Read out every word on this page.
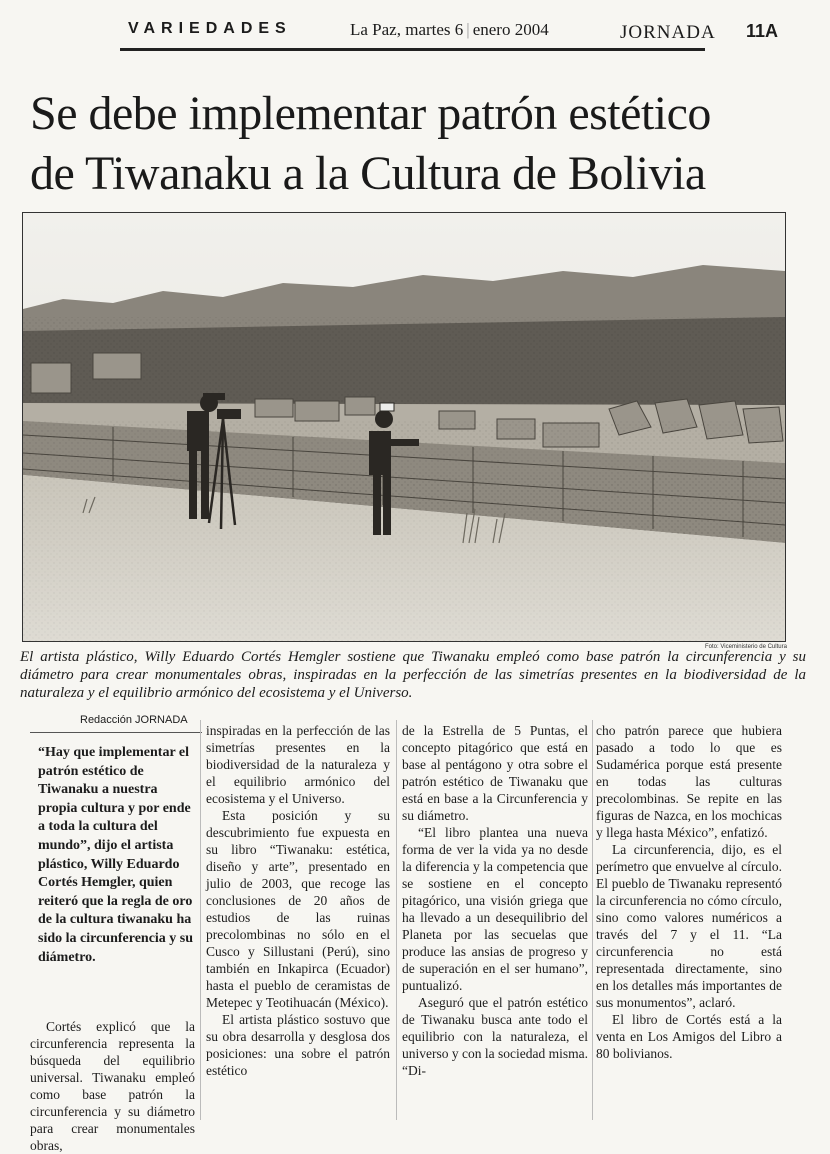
VARIEDADES	La Paz, martes 6 | enero 2004	JORNADA 11A
Se debe implementar patrón estético
de Tiwanaku a la Cultura de Bolivia
Foto: Viceministerio de Cultura
El artista plástico, Willy Eduardo Cortés Hemgler sostiene que Tiwanaku empleó como base patrón la circunferencia y su diámetro para crear monumentales obras, inspiradas en la perfección de las simetrías presentes en la biodiversidad de la naturaleza y el equilibrio armónico del ecosistema y el Universo.
Redacción JORNADA
“Hay que implementar el patrón estético de Tiwanaku a nuestra propia cultura y por ende a toda la cultura del mundo”, dijo el artista plástico, Willy Eduardo Cortés Hemgler, quien reiteró que la regla de oro de la cultura tiwanaku ha sido la circunferencia y su diámetro.

Cortés explicó que la circunferencia representa la búsqueda del equilibrio universal. Tiwanaku empleó como base patrón la circunferencia y su diámetro para crear monumentales obras,

inspiradas en la perfección de las simetrías presentes en la biodiversidad de la naturaleza y el equilibrio armónico del ecosistema y el Universo.

Esta posición y su descubrimiento fue expuesta en su libro “Tiwanaku: estética, diseño y arte”, presentado en julio de 2003, que recoge las conclusiones de 20 años de estudios de las ruinas precolombinas no sólo en el Cusco y Sillustani (Perú), sino también en Inkapirca (Ecuador) hasta el pueblo de ceramistas de Metepec y Teotihuacán (México).

El artista plástico sostuvo que su obra desarrolla y desglosa dos posiciones: una sobre el patrón estético

de la Estrella de 5 Puntas, el concepto pitagórico que está en base al pentágono y otra sobre el patrón estético de Tiwanaku que está en base a la Circunferencia y su diámetro.

“El libro plantea una nueva forma de ver la vida ya no desde la diferencia y la competencia que se sostiene en el concepto pitagórico, una visión griega que ha llevado a un desequilibrio del Planeta por las secuelas que produce las ansias de progreso y de superación en el ser humano”, puntualizó.

Aseguró que el patrón estético de Tiwanaku busca ante todo el equilibrio con la naturaleza, el universo y con la sociedad misma. “Di-

cho patrón parece que hubiera pasado a todo lo que es Sudamérica porque está presente en todas las culturas precolombinas. Se repite en las figuras de Nazca, en los mochicas y llega hasta México”, enfatizó.

La circunferencia, dijo, es el perímetro que envuelve al círculo. El pueblo de Tiwanaku representó la circunferencia no cómo círculo, sino como valores numéricos a través del 7 y el 11. “La circunferencia no está representada directamente, sino en los detalles más importantes de sus monumentos”, aclaró.

El libro de Cortés está a la venta en Los Amigos del Libro a 80 bolivianos.
